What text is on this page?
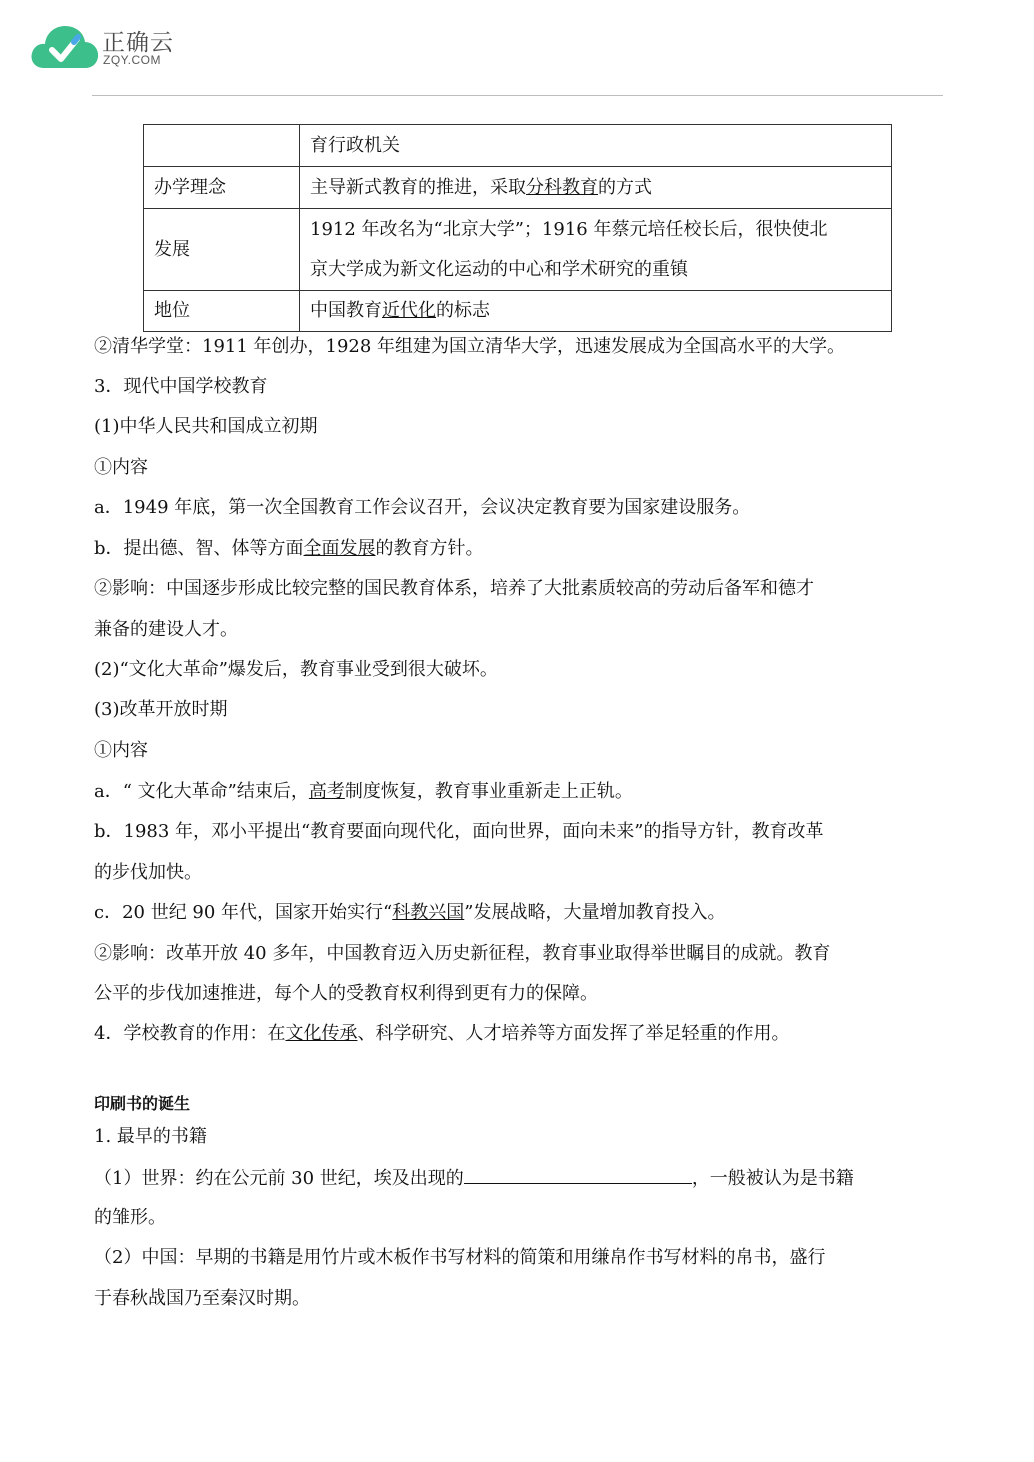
正确云
ZQY.COM
	育行政机关
办学理念	主导新式教育的推进，采取分科教育的方式
发展	1912 年改名为“北京大学”；1916 年蔡元培任校长后，很快使北
京大学成为新文化运动的中心和学术研究的重镇

地位	中国教育近代化的标志
②清华学堂：1911 年创办，1928 年组建为国立清华大学，迅速发展成为全国高水平的大学。
3．现代中国学校教育
(1)中华人民共和国成立初期
①内容
a．1949 年底，第一次全国教育工作会议召开，会议决定教育要为国家建设服务。
b．提出德、智、体等方面全面发展的教育方针。
②影响：中国逐步形成比较完整的国民教育体系，培养了大批素质较高的劳动后备军和德才
兼备的建设人才。
(2)“文化大革命”爆发后，教育事业受到很大破坏。
(3)改革开放时期
①内容
a．“ 文化大革命”结束后，高考制度恢复，教育事业重新走上正轨。
b．1983 年，邓小平提出“教育要面向现代化，面向世界，面向未来”的指导方针，教育改革
的步伐加快。
c．20 世纪 90 年代，国家开始实行“科教兴国”发展战略，大量增加教育投入。
②影响：改革开放 40 多年，中国教育迈入历史新征程，教育事业取得举世瞩目的成就。教育
公平的步伐加速推进，每个人的受教育权利得到更有力的保障。
4．学校教育的作用：在文化传承、科学研究、人才培养等方面发挥了举足轻重的作用。
印刷书的诞生
1. 最早的书籍
（1）世界：约在公元前 30 世纪，埃及出现的	，一般被认为是书籍
的雏形。
（2）中国：早期的书籍是用竹片或木板作书写材料的简策和用缣帛作书写材料的帛书，盛行
于春秋战国乃至秦汉时期。
